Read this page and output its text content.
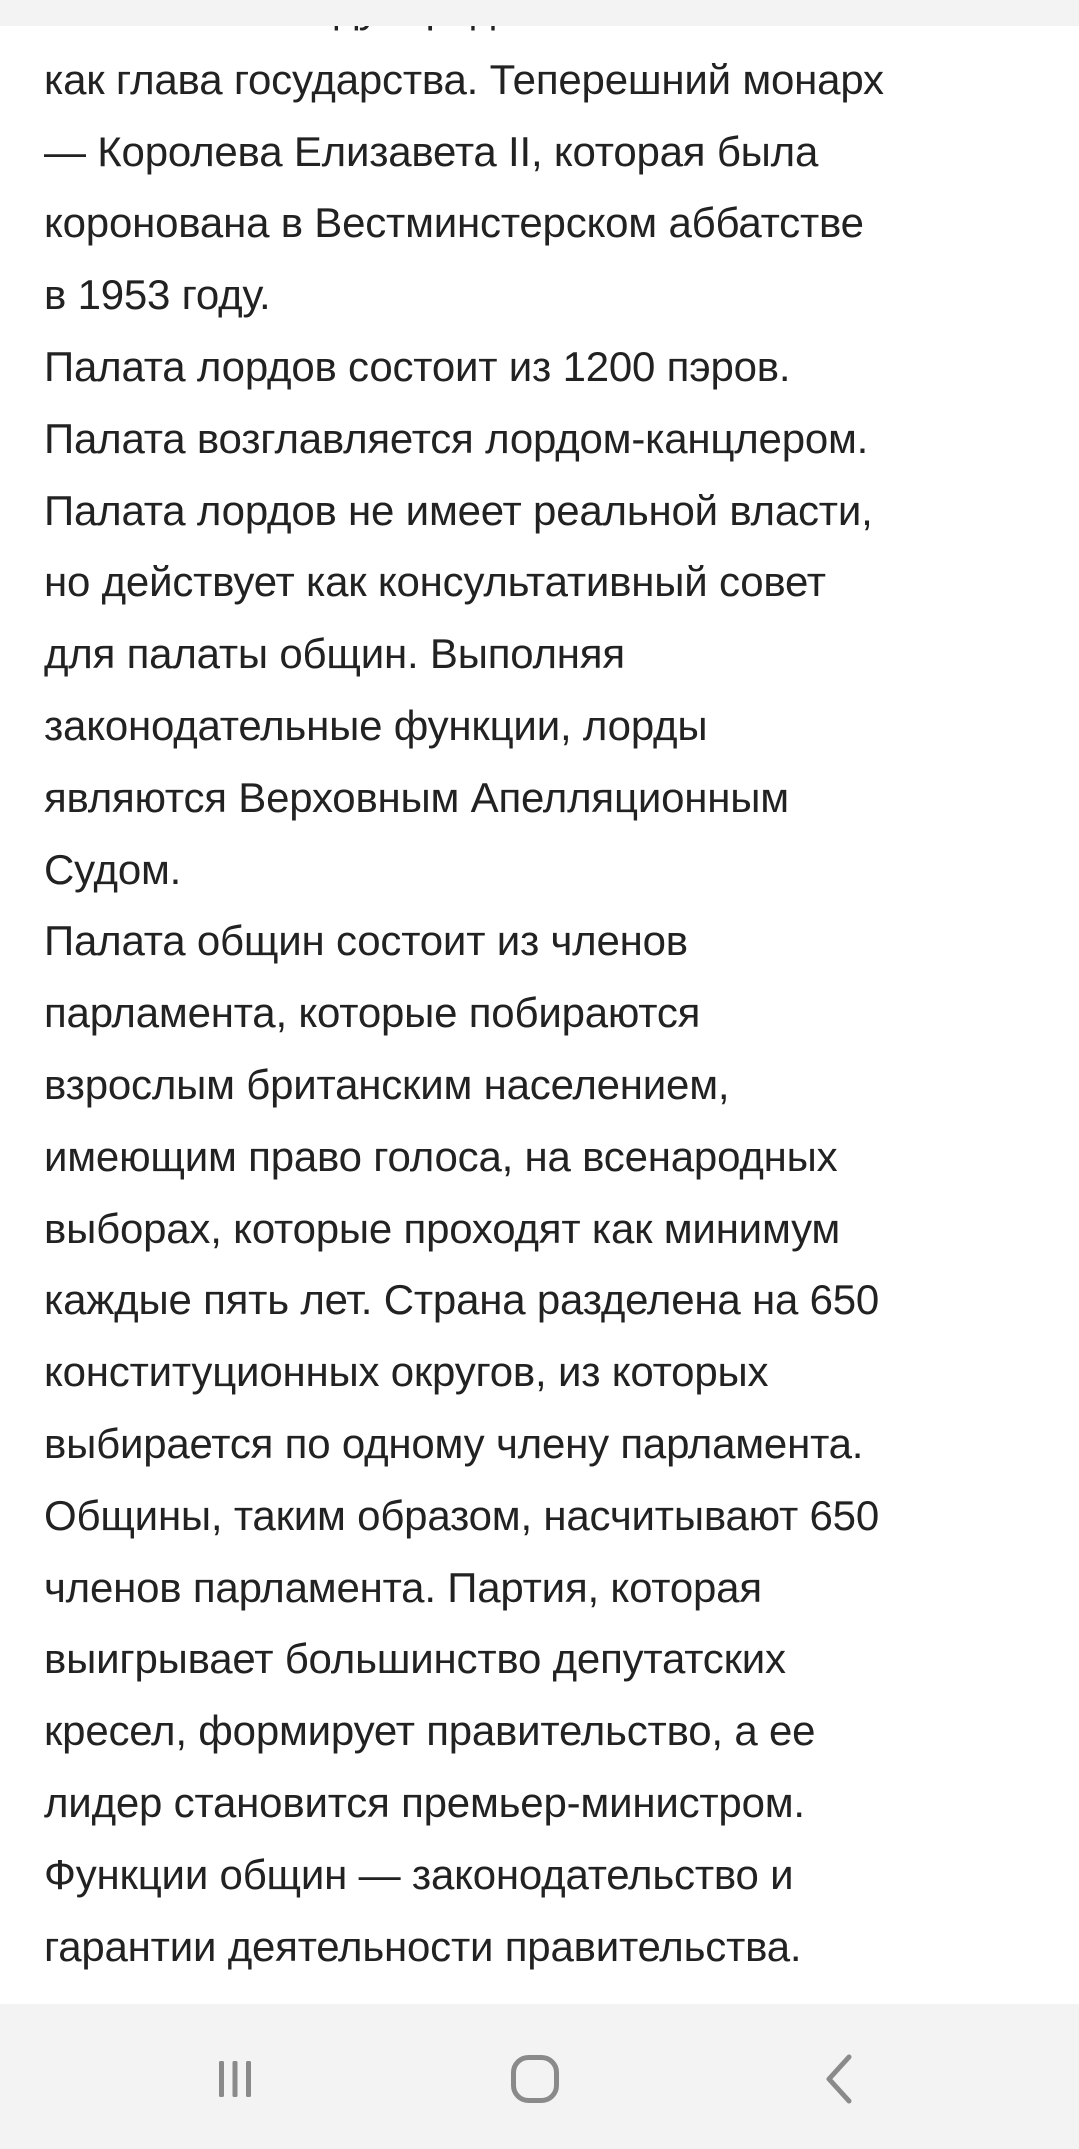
как глава государства. Теперешний монарх
— Королева Елизавета II, которая была
коронована в Вестминстерском аббатстве
в 1953 году.
Палата лордов состоит из 1200 пэров.
Палата возглавляется лордом-канцлером.
Палата лордов не имеет реальной власти,
но действует как консультативный совет
для палаты общин. Выполняя
законодательные функции, лорды
являются Верховным Апелляционным
Судом.
Палата общин состоит из членов
парламента, которые побираются
взрослым британским населением,
имеющим право голоса, на всенародных
выборах, которые проходят как минимум
каждые пять лет. Страна разделена на 650
конституционных округов, из которых
выбирается по одному члену парламента.
Общины, таким образом, насчитывают 650
членов парламента. Партия, которая
выигрывает большинство депутатских
кресел, формирует правительство, а ее
лидер становится премьер-министром.
Функции общин — законодательство и
гарантии деятельности правительства.
